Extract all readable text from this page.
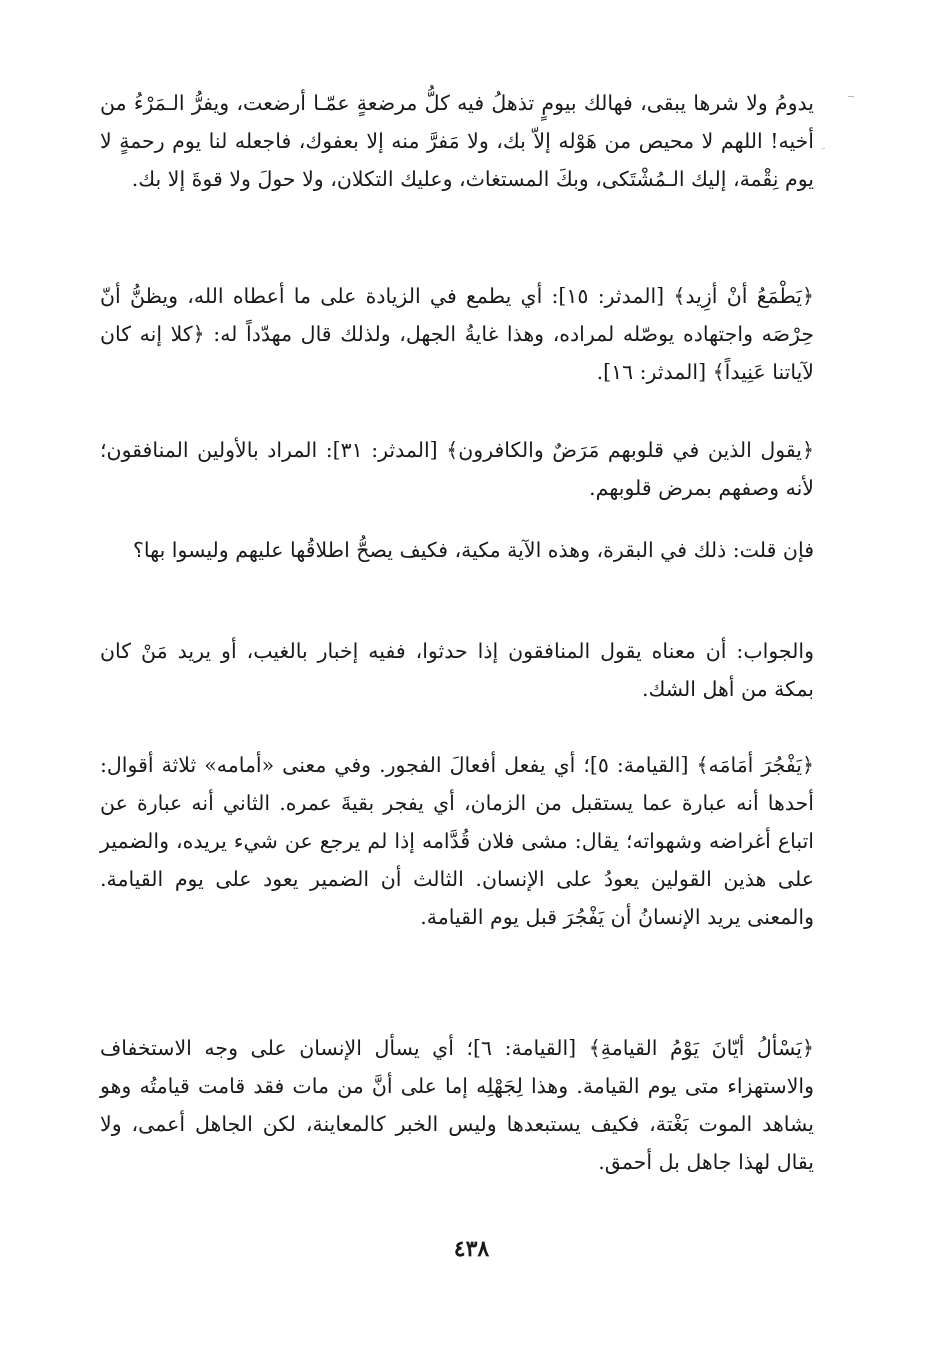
يدومُ ولا شرها يبقى، فهالك بيومٍ تذهلُ فيه كلُّ مرضعةٍ عمّـا أرضعت، ويفرُّ الـمَرْءُ من أخيه! اللهم لا محيص من هَوْله إلاّ بك، ولا مَفرَّ منه إلا بعفوك، فاجعله لنا يوم رحمةٍ لا يوم نِقْمة، إليك الـمُشْتَكى، وبكَ المستغاث، وعليك التكلان، ولا حولَ ولا قوةَ إلا بك.

﴿يَطْمَعُ أنْ أزِيد﴾ [المدثر: ١٥]: أي يطمع في الزيادة على ما أعطاه الله، ويظنُّ أنّ حِرْصَه واجتهاده يوصّله لمراده، وهذا غايةُ الجهل، ولذلك قال مهدّداً له: ﴿كلا إنه كان لآياتنا عَنِيداً﴾ [المدثر: ١٦].

﴿يقول الذين في قلوبهم مَرَضٌ والكافرون﴾ [المدثر: ٣١]: المراد بالأولين المنافقون؛ لأنه وصفهم بمرض قلوبهم.

فإن قلت: ذلك في البقرة، وهذه الآية مكية، فكيف يصحُّ اطلاقُها عليهم وليسوا بها؟

والجواب: أن معناه يقول المنافقون إذا حدثوا، ففيه إخبار بالغيب، أو يريد مَنْ كان بمكة من أهل الشك.

﴿يَفْجُرَ أمَامَه﴾ [القيامة: ٥]؛ أي يفعل أفعالَ الفجور. وفي معنى «أمامه» ثلاثة أقوال: أحدها أنه عبارة عما يستقبل من الزمان، أي يفجر بقيةَ عمره. الثاني أنه عبارة عن اتباع أغراضه وشهواته؛ يقال: مشى فلان قُدَّامه إذا لم يرجع عن شيء يريده، والضمير على هذين القولين يعودُ على الإنسان. الثالث أن الضمير يعود على يوم القيامة. والمعنى يريد الإنسانُ أن يَفْجُرَ قبل يوم القيامة.

﴿يَسْألُ أيّانَ يَوْمُ القيامةِ﴾ [القيامة: ٦]؛ أي يسأل الإنسان على وجه الاستخفاف والاستهزاء متى يوم القيامة. وهذا لِجَهْلِه إما على أنَّ من مات فقد قامت قيامتُه وهو يشاهد الموت بَغْتة، فكيف يستبعدها وليس الخبر كالمعاينة، لكن الجاهل أعمى، ولا يقال لهذا جاهل بل أحمق.

٤٣٨
